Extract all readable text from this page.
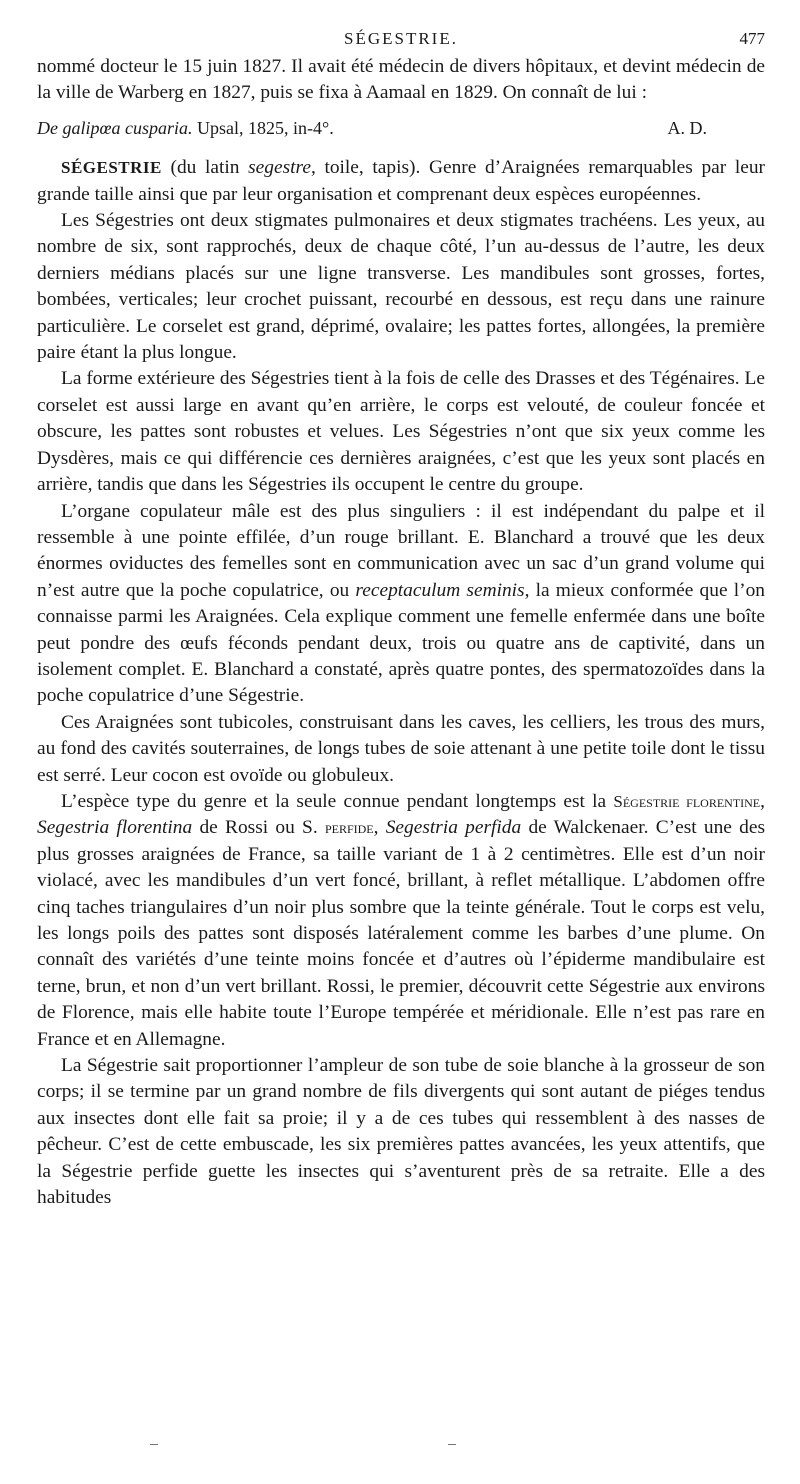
SÉGESTRIE.	477

nommé docteur le 15 juin 1827. Il avait été médecin de divers hôpitaux, et devint médecin de la ville de Warberg en 1827, puis se fixa à Aamaal en 1829. On connaît de lui :

De galipœa cusparia. Upsal, 1825, in-4°.	A. D.

SÉGESTRIE (du latin segestre, toile, tapis). Genre d’Araignées remarquables par leur grande taille ainsi que par leur organisation et comprenant deux espèces européennes.

Les Ségestries ont deux stigmates pulmonaires et deux stigmates trachéens. Les yeux, au nombre de six, sont rapprochés, deux de chaque côté, l’un au-dessus de l’autre, les deux derniers médians placés sur une ligne transverse. Les mandibules sont grosses, fortes, bombées, verticales; leur crochet puissant, recourbé en dessous, est reçu dans une rainure particulière. Le corselet est grand, déprimé, ovalaire; les pattes fortes, allongées, la première paire étant la plus longue.

La forme extérieure des Ségestries tient à la fois de celle des Drasses et des Tégénaires. Le corselet est aussi large en avant qu’en arrière, le corps est velouté, de couleur foncée et obscure, les pattes sont robustes et velues. Les Ségestries n’ont que six yeux comme les Dysdères, mais ce qui différencie ces dernières araignées, c’est que les yeux sont placés en arrière, tandis que dans les Ségestries ils occupent le centre du groupe.

L’organe copulateur mâle est des plus singuliers : il est indépendant du palpe et il ressemble à une pointe effilée, d’un rouge brillant. E. Blanchard a trouvé que les deux énormes oviductes des femelles sont en communication avec un sac d’un grand volume qui n’est autre que la poche copulatrice, ou receptaculum seminis, la mieux conformée que l’on connaisse parmi les Araignées. Cela explique comment une femelle enfermée dans une boîte peut pondre des œufs féconds pendant deux, trois ou quatre ans de captivité, dans un isolement complet. E. Blanchard a constaté, après quatre pontes, des spermatozoïdes dans la poche copulatrice d’une Ségestrie.

Ces Araignées sont tubicoles, construisant dans les caves, les celliers, les trous des murs, au fond des cavités souterraines, de longs tubes de soie attenant à une petite toile dont le tissu est serré. Leur cocon est ovoïde ou globuleux.

L’espèce type du genre et la seule connue pendant longtemps est la Ségestrie florentine, Segestria florentina de Rossi ou S. perfide, Segestria perfida de Walckenaer. C’est une des plus grosses araignées de France, sa taille variant de 1 à 2 centimètres. Elle est d’un noir violacé, avec les mandibules d’un vert foncé, brillant, à reflet métallique. L’abdomen offre cinq taches triangulaires d’un noir plus sombre que la teinte générale. Tout le corps est velu, les longs poils des pattes sont disposés latéralement comme les barbes d’une plume. On connaît des variétés d’une teinte moins foncée et d’autres où l’épiderme mandibulaire est terne, brun, et non d’un vert brillant. Rossi, le premier, découvrit cette Ségestrie aux environs de Florence, mais elle habite toute l’Europe tempérée et méridionale. Elle n’est pas rare en France et en Allemagne.

La Ségestrie sait proportionner l’ampleur de son tube de soie blanche à la grosseur de son corps; il se termine par un grand nombre de fils divergents qui sont autant de piéges tendus aux insectes dont elle fait sa proie; il y a de ces tubes qui ressemblent à des nasses de pêcheur. C’est de cette embuscade, les six premières pattes avancées, les yeux attentifs, que la Ségestrie perfide guette les insectes qui s’aventurent près de sa retraite. Elle a des habitudes
